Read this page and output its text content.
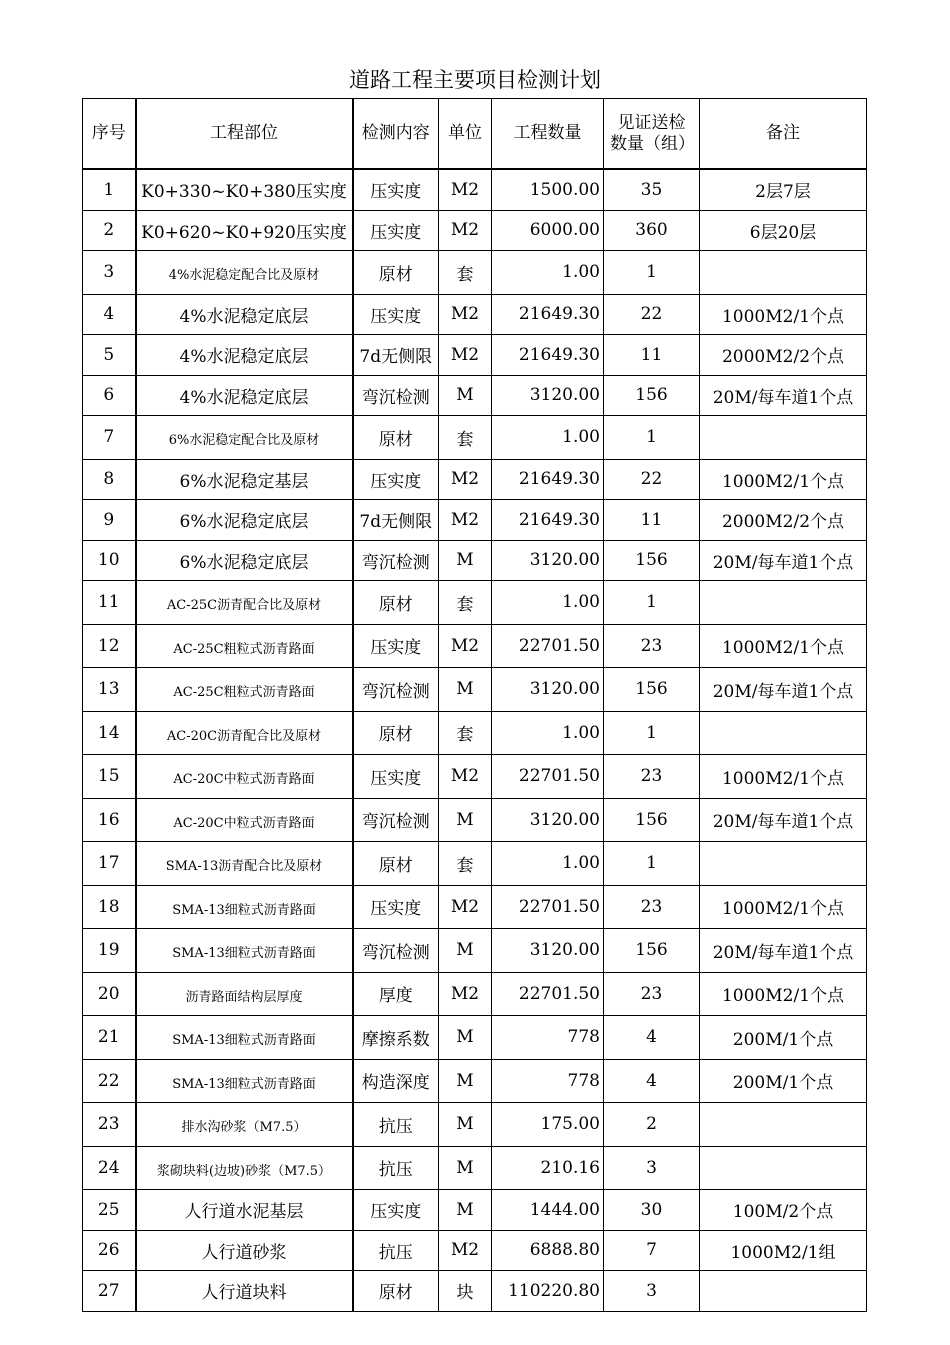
道路工程主要项目检测计划
序号	工程部位	检测内容	单位	工程数量	见证送检数量（组）	备注
1	K0+330~K0+380压实度	压实度	M2	1500.00	35	2层7层
2	K0+620~K0+920压实度	压实度	M2	6000.00	360	6层20层
3	4%水泥稳定配合比及原材	原材	套	1.00	1	
4	4%水泥稳定底层	压实度	M2	21649.30	22	1000M2/1个点
5	4%水泥稳定底层	7d无侧限	M2	21649.30	11	2000M2/2个点
6	4%水泥稳定底层	弯沉检测	M	3120.00	156	20M/每车道1个点
7	6%水泥稳定配合比及原材	原材	套	1.00	1	
8	6%水泥稳定基层	压实度	M2	21649.30	22	1000M2/1个点
9	6%水泥稳定底层	7d无侧限	M2	21649.30	11	2000M2/2个点
10	6%水泥稳定底层	弯沉检测	M	3120.00	156	20M/每车道1个点
11	AC-25C沥青配合比及原材	原材	套	1.00	1	
12	AC-25C粗粒式沥青路面	压实度	M2	22701.50	23	1000M2/1个点
13	AC-25C粗粒式沥青路面	弯沉检测	M	3120.00	156	20M/每车道1个点
14	AC-20C沥青配合比及原材	原材	套	1.00	1	
15	AC-20C中粒式沥青路面	压实度	M2	22701.50	23	1000M2/1个点
16	AC-20C中粒式沥青路面	弯沉检测	M	3120.00	156	20M/每车道1个点
17	SMA-13沥青配合比及原材	原材	套	1.00	1	
18	SMA-13细粒式沥青路面	压实度	M2	22701.50	23	1000M2/1个点
19	SMA-13细粒式沥青路面	弯沉检测	M	3120.00	156	20M/每车道1个点
20	沥青路面结构层厚度	厚度	M2	22701.50	23	1000M2/1个点
21	SMA-13细粒式沥青路面	摩擦系数	M	778	4	200M/1个点
22	SMA-13细粒式沥青路面	构造深度	M	778	4	200M/1个点
23	排水沟砂浆（M7.5）	抗压	M	175.00	2	
24	浆砌块料(边坡)砂浆（M7.5）	抗压	M	210.16	3	
25	人行道水泥基层	压实度	M	1444.00	30	100M/2个点
26	人行道砂浆	抗压	M2	6888.80	7	1000M2/1组
27	人行道块料	原材	块	110220.80	3	
